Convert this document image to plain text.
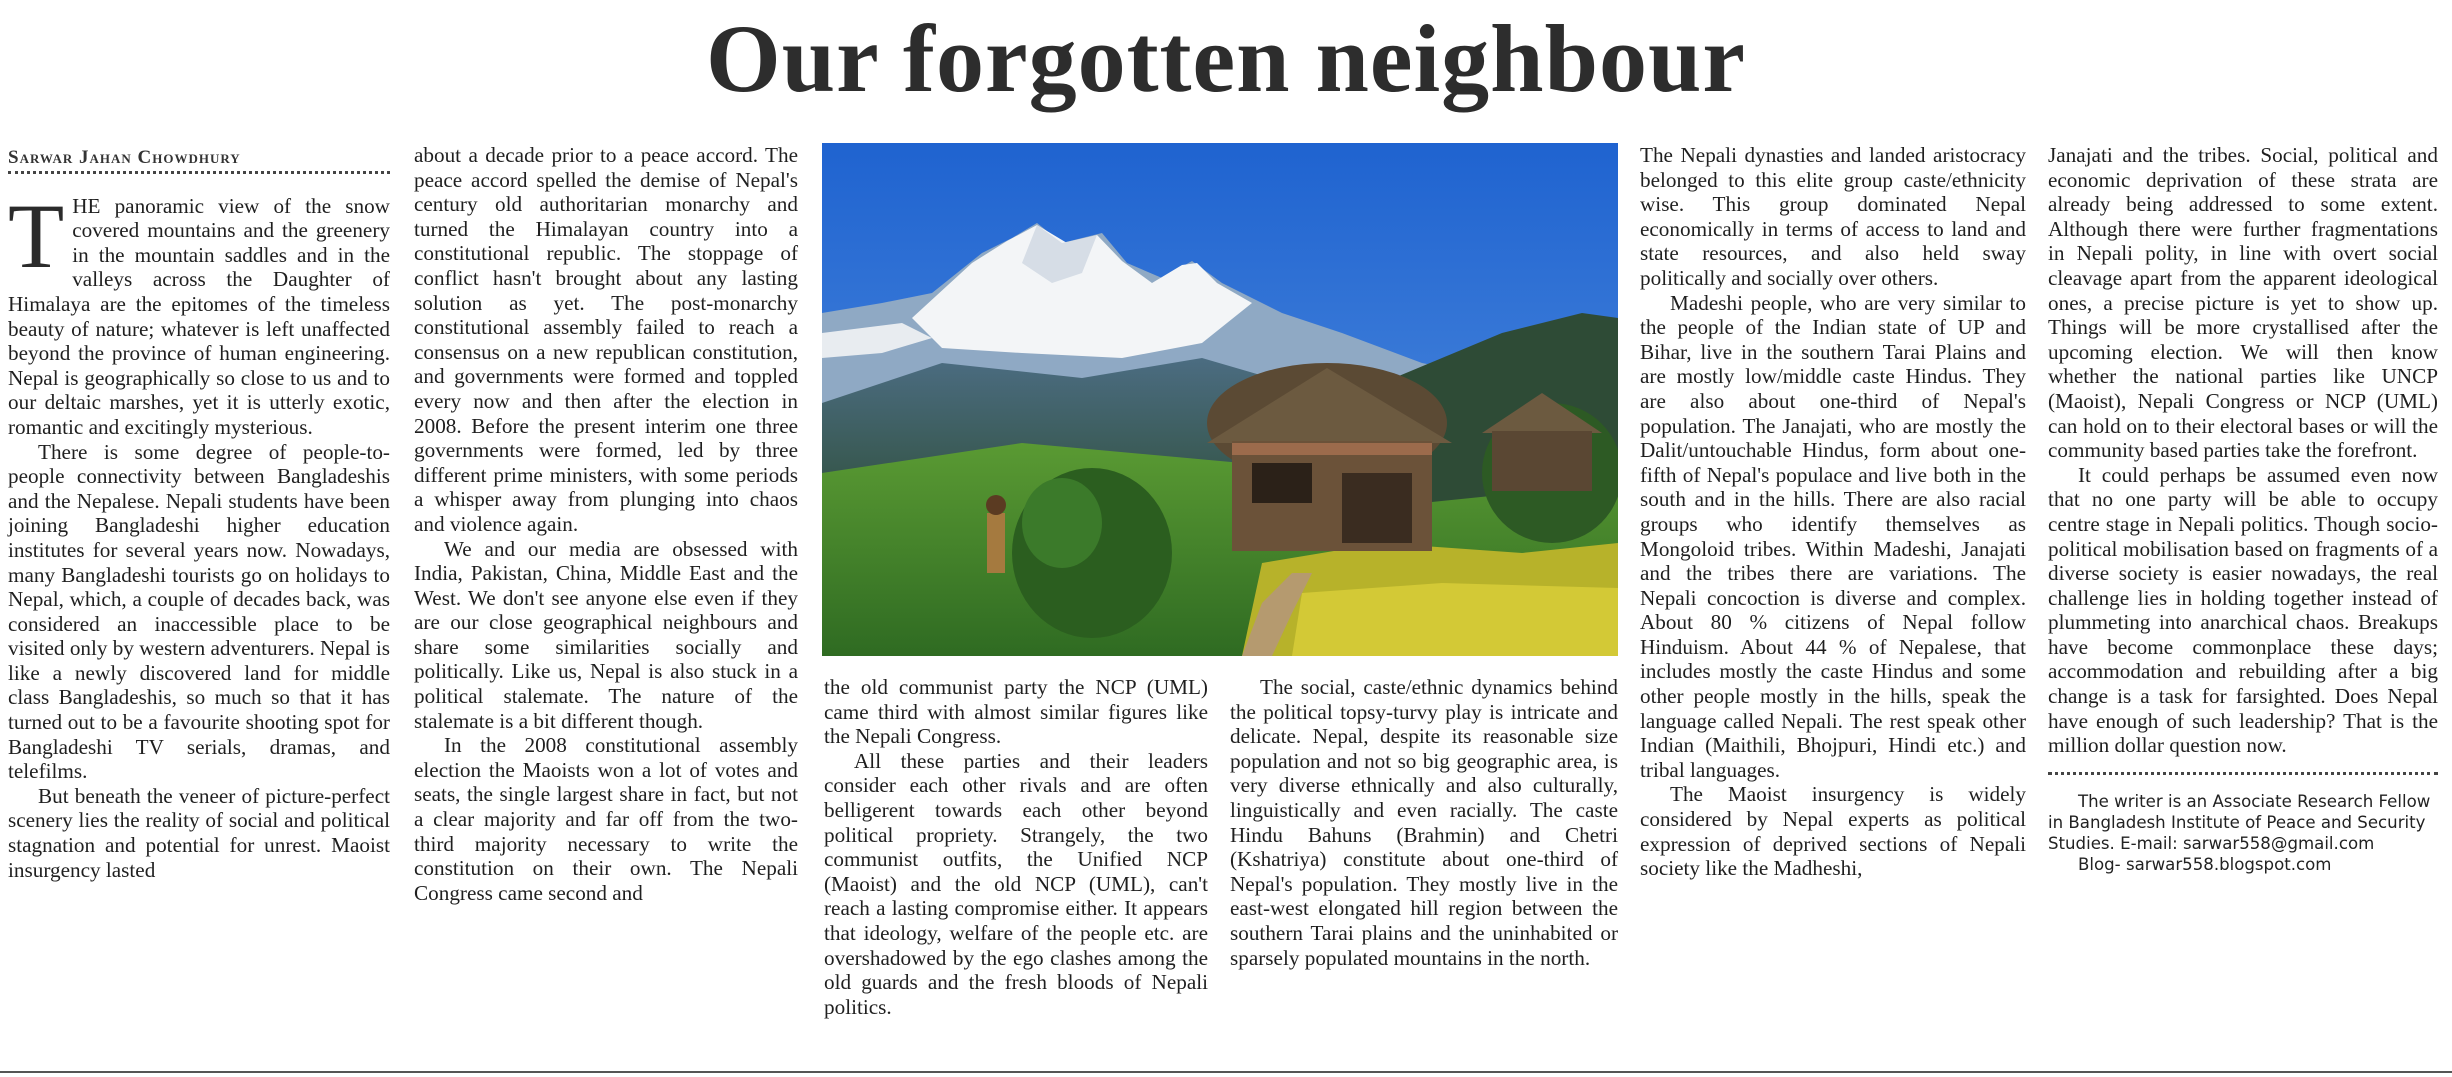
Our forgotten neighbour

Sarwar Jahan Chowdhury

THE panoramic view of the snow covered mountains and the greenery in the mountain saddles and in the valleys across the Daughter of Himalaya are the epitomes of the timeless beauty of nature; whatever is left unaffected beyond the province of human engineering. Nepal is geographically so close to us and to our deltaic marshes, yet it is utterly exotic, romantic and excitingly mysterious.

There is some degree of people-to-people connectivity between Bangladeshis and the Nepalese. Nepali students have been joining Bangladeshi higher education institutes for several years now. Nowadays, many Bangladeshi tourists go on holidays to Nepal, which, a couple of decades back, was considered an inaccessible place to be visited only by western adventurers. Nepal is like a newly discovered land for middle class Bangladeshis, so much so that it has turned out to be a favourite shooting spot for Bangladeshi TV serials, dramas, and telefilms.

But beneath the veneer of picture-perfect scenery lies the reality of social and political stagnation and potential for unrest. Maoist insurgency lasted

about a decade prior to a peace accord. The peace accord spelled the demise of Nepal's century old authoritarian monarchy and turned the Himalayan country into a constitutional republic. The stoppage of conflict hasn't brought about any lasting solution as yet. The post-monarchy constitutional assembly failed to reach a consensus on a new republican constitution, and governments were formed and toppled every now and then after the election in 2008. Before the present interim one three governments were formed, led by three different prime ministers, with some periods a whisper away from plunging into chaos and violence again.

We and our media are obsessed with India, Pakistan, China, Middle East and the West. We don't see anyone else even if they are our close geographical neighbours and share some similarities socially and politically. Like us, Nepal is also stuck in a political stalemate. The nature of the stalemate is a bit different though.

In the 2008 constitutional assembly election the Maoists won a lot of votes and seats, the single largest share in fact, but not a clear majority and far off from the two-third majority necessary to write the constitution on their own. The Nepali Congress came second and

the old communist party the NCP (UML) came third with almost similar figures like the Nepali Congress.

All these parties and their leaders consider each other rivals and are often belligerent towards each other beyond political propriety. Strangely, the two communist outfits, the Unified NCP (Maoist) and the old NCP (UML), can't reach a lasting compromise either. It appears that ideology, welfare of the people etc. are overshadowed by the ego clashes among the old guards and the fresh bloods of Nepali politics.

The social, caste/ethnic dynamics behind the political topsy-turvy play is intricate and delicate. Nepal, despite its reasonable size population and not so big geographic area, is very diverse ethnically and also culturally, linguistically and even racially. The caste Hindu Bahuns (Brahmin) and Chetri (Kshatriya) constitute about one-third of Nepal's population. They mostly live in the east-west elongated hill region between the southern Tarai plains and the uninhabited or sparsely populated mountains in the north.

The Nepali dynasties and landed aristocracy belonged to this elite group caste/ethnicity wise. This group dominated Nepal economically in terms of access to land and state resources, and also held sway politically and socially over others.

Madeshi people, who are very similar to the people of the Indian state of UP and Bihar, live in the southern Tarai Plains and are mostly low/middle caste Hindus. They are also about one-third of Nepal's population. The Janajati, who are mostly the Dalit/untouchable Hindus, form about one-fifth of Nepal's populace and live both in the south and in the hills. There are also racial groups who identify themselves as Mongoloid tribes. Within Madeshi, Janajati and the tribes there are variations. The Nepali concoction is diverse and complex. About 80 % citizens of Nepal follow Hinduism. About 44 % of Nepalese, that includes mostly the caste Hindus and some other people mostly in the hills, speak the language called Nepali. The rest speak other Indian (Maithili, Bhojpuri, Hindi etc.) and tribal languages.

The Maoist insurgency is widely considered by Nepal experts as political expression of deprived sections of Nepali society like the Madheshi,

Janajati and the tribes. Social, political and economic deprivation of these strata are already being addressed to some extent. Although there were further fragmentations in Nepali polity, in line with overt social cleavage apart from the apparent ideological ones, a precise picture is yet to show up. Things will be more crystallised after the upcoming election. We will then know whether the national parties like UNCP (Maoist), Nepali Congress or NCP (UML) can hold on to their electoral bases or will the community based parties take the forefront.

It could perhaps be assumed even now that no one party will be able to occupy centre stage in Nepali politics. Though socio-political mobilisation based on fragments of a diverse society is easier nowadays, the real challenge lies in holding together instead of plummeting into anarchical chaos. Breakups have become commonplace these days; accommodation and rebuilding after a big change is a task for farsighted. Does Nepal have enough of such leadership? That is the million dollar question now.

The writer is an Associate Research Fellow in Bangladesh Institute of Peace and Security Studies. E-mail: sarwar558@gmail.com
Blog- sarwar558.blogspot.com
